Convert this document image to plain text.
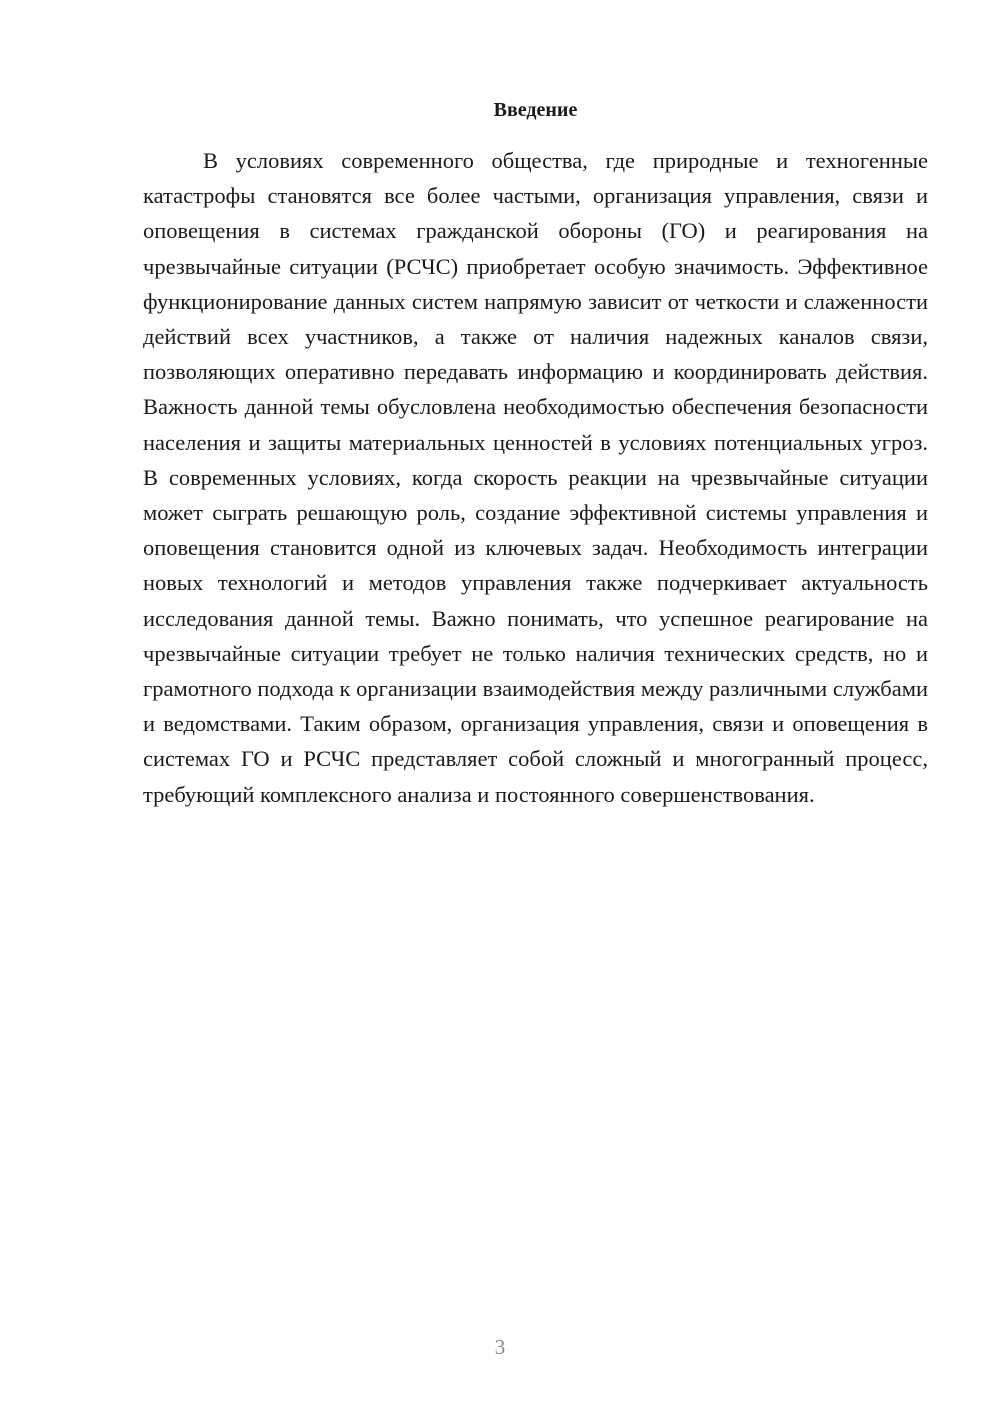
Введение

В условиях современного общества, где природные и техногенные катастрофы становятся все более частыми, организация управления, связи и оповещения в системах гражданской обороны (ГО) и реагирования на чрезвычайные ситуации (РСЧС) приобретает особую значимость. Эффективное функционирование данных систем напрямую зависит от четкости и слаженности действий всех участников, а также от наличия надежных каналов связи, позволяющих оперативно передавать информацию и координировать действия. Важность данной темы обусловлена необходимостью обеспечения безопасности населения и защиты материальных ценностей в условиях потенциальных угроз. В современных условиях, когда скорость реакции на чрезвычайные ситуации может сыграть решающую роль, создание эффективной системы управления и оповещения становится одной из ключевых задач. Необходимость интеграции новых технологий и методов управления также подчеркивает актуальность исследования данной темы. Важно понимать, что успешное реагирование на чрезвычайные ситуации требует не только наличия технических средств, но и грамотного подхода к организации взаимодействия между различными службами и ведомствами. Таким образом, организация управления, связи и оповещения в системах ГО и РСЧС представляет собой сложный и многогранный процесс, требующий комплексного анализа и постоянного совершенствования.

3
